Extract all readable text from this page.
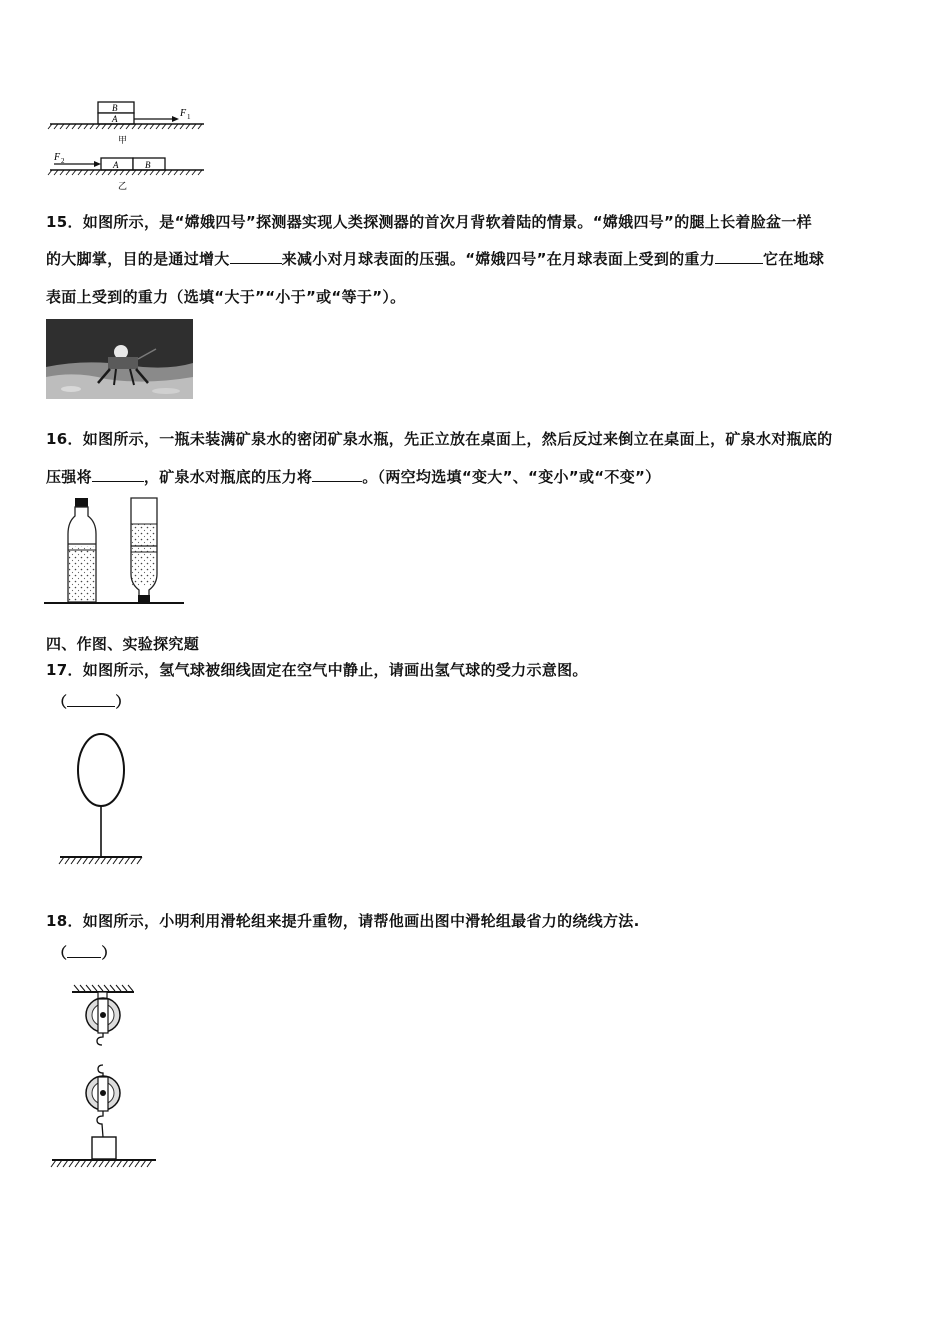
B
A	F 1
甲
F 2	A	B
乙
15．如图所示，是“嫦娥四号”探测器实现人类探测器的首次月背软着陆的情景。“嫦娥四号”的腿上长着脸盆一样
的大脚掌，目的是通过增大	来减小对月球表面的压强。“嫦娥四号”在月球表面上受到的重力	它在地球
表面上受到的重力（选填“大于”“小于”或“等于”）。
16．如图所示，一瓶未装满矿泉水的密闭矿泉水瓶，先正立放在桌面上，然后反过来倒立在桌面上，矿泉水对瓶底的
压强将	，矿泉水对瓶底的压力将	。（两空均选填“变大”、“变小”或“不变”）
四、作图、实验探究题
17．如图所示，氢气球被细线固定在空气中静止，请画出氢气球的受力示意图。
（	）
18．如图所示，小明利用滑轮组来提升重物，请帮他画出图中滑轮组最省力的绕线方法.
（ ）
